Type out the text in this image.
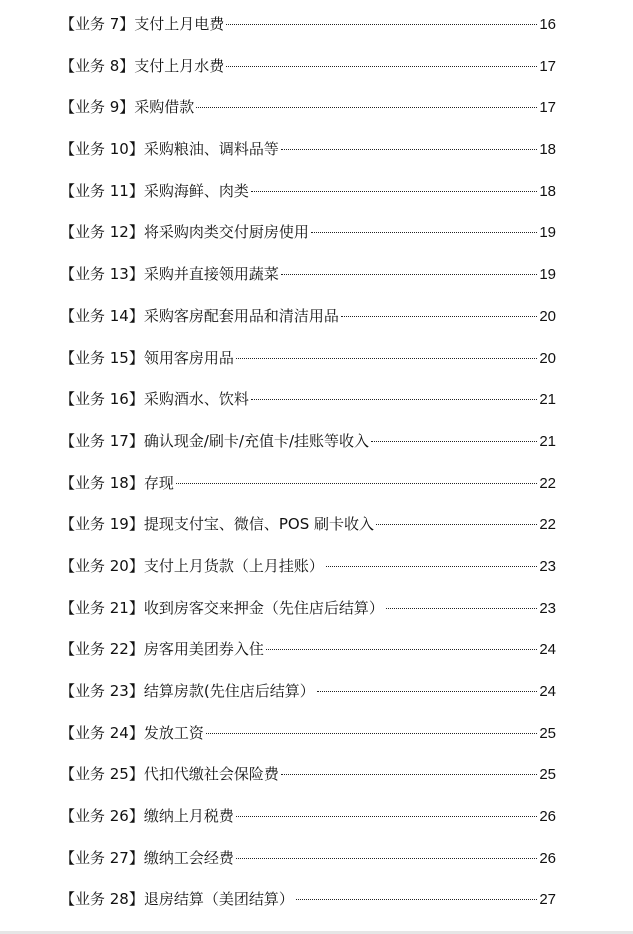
【业务 7】支付上月电费	16
【业务 8】支付上月水费	17
【业务 9】采购借款	17
【业务 10】采购粮油、调料品等	18
【业务 11】采购海鲜、肉类	18
【业务 12】将采购肉类交付厨房使用	19
【业务 13】采购并直接领用蔬菜	19
【业务 14】采购客房配套用品和清洁用品	20
【业务 15】领用客房用品	20
【业务 16】采购酒水、饮料	21
【业务 17】确认现金/刷卡/充值卡/挂账等收入	21
【业务 18】存现	22
【业务 19】提现支付宝、微信、POS 刷卡收入	22
【业务 20】支付上月货款（上月挂账）	23
【业务 21】收到房客交来押金（先住店后结算）	23
【业务 22】房客用美团券入住	24
【业务 23】结算房款(先住店后结算）	24
【业务 24】发放工资	25
【业务 25】代扣代缴社会保险费	25
【业务 26】缴纳上月税费	26
【业务 27】缴纳工会经费	26
【业务 28】退房结算（美团结算）	27
